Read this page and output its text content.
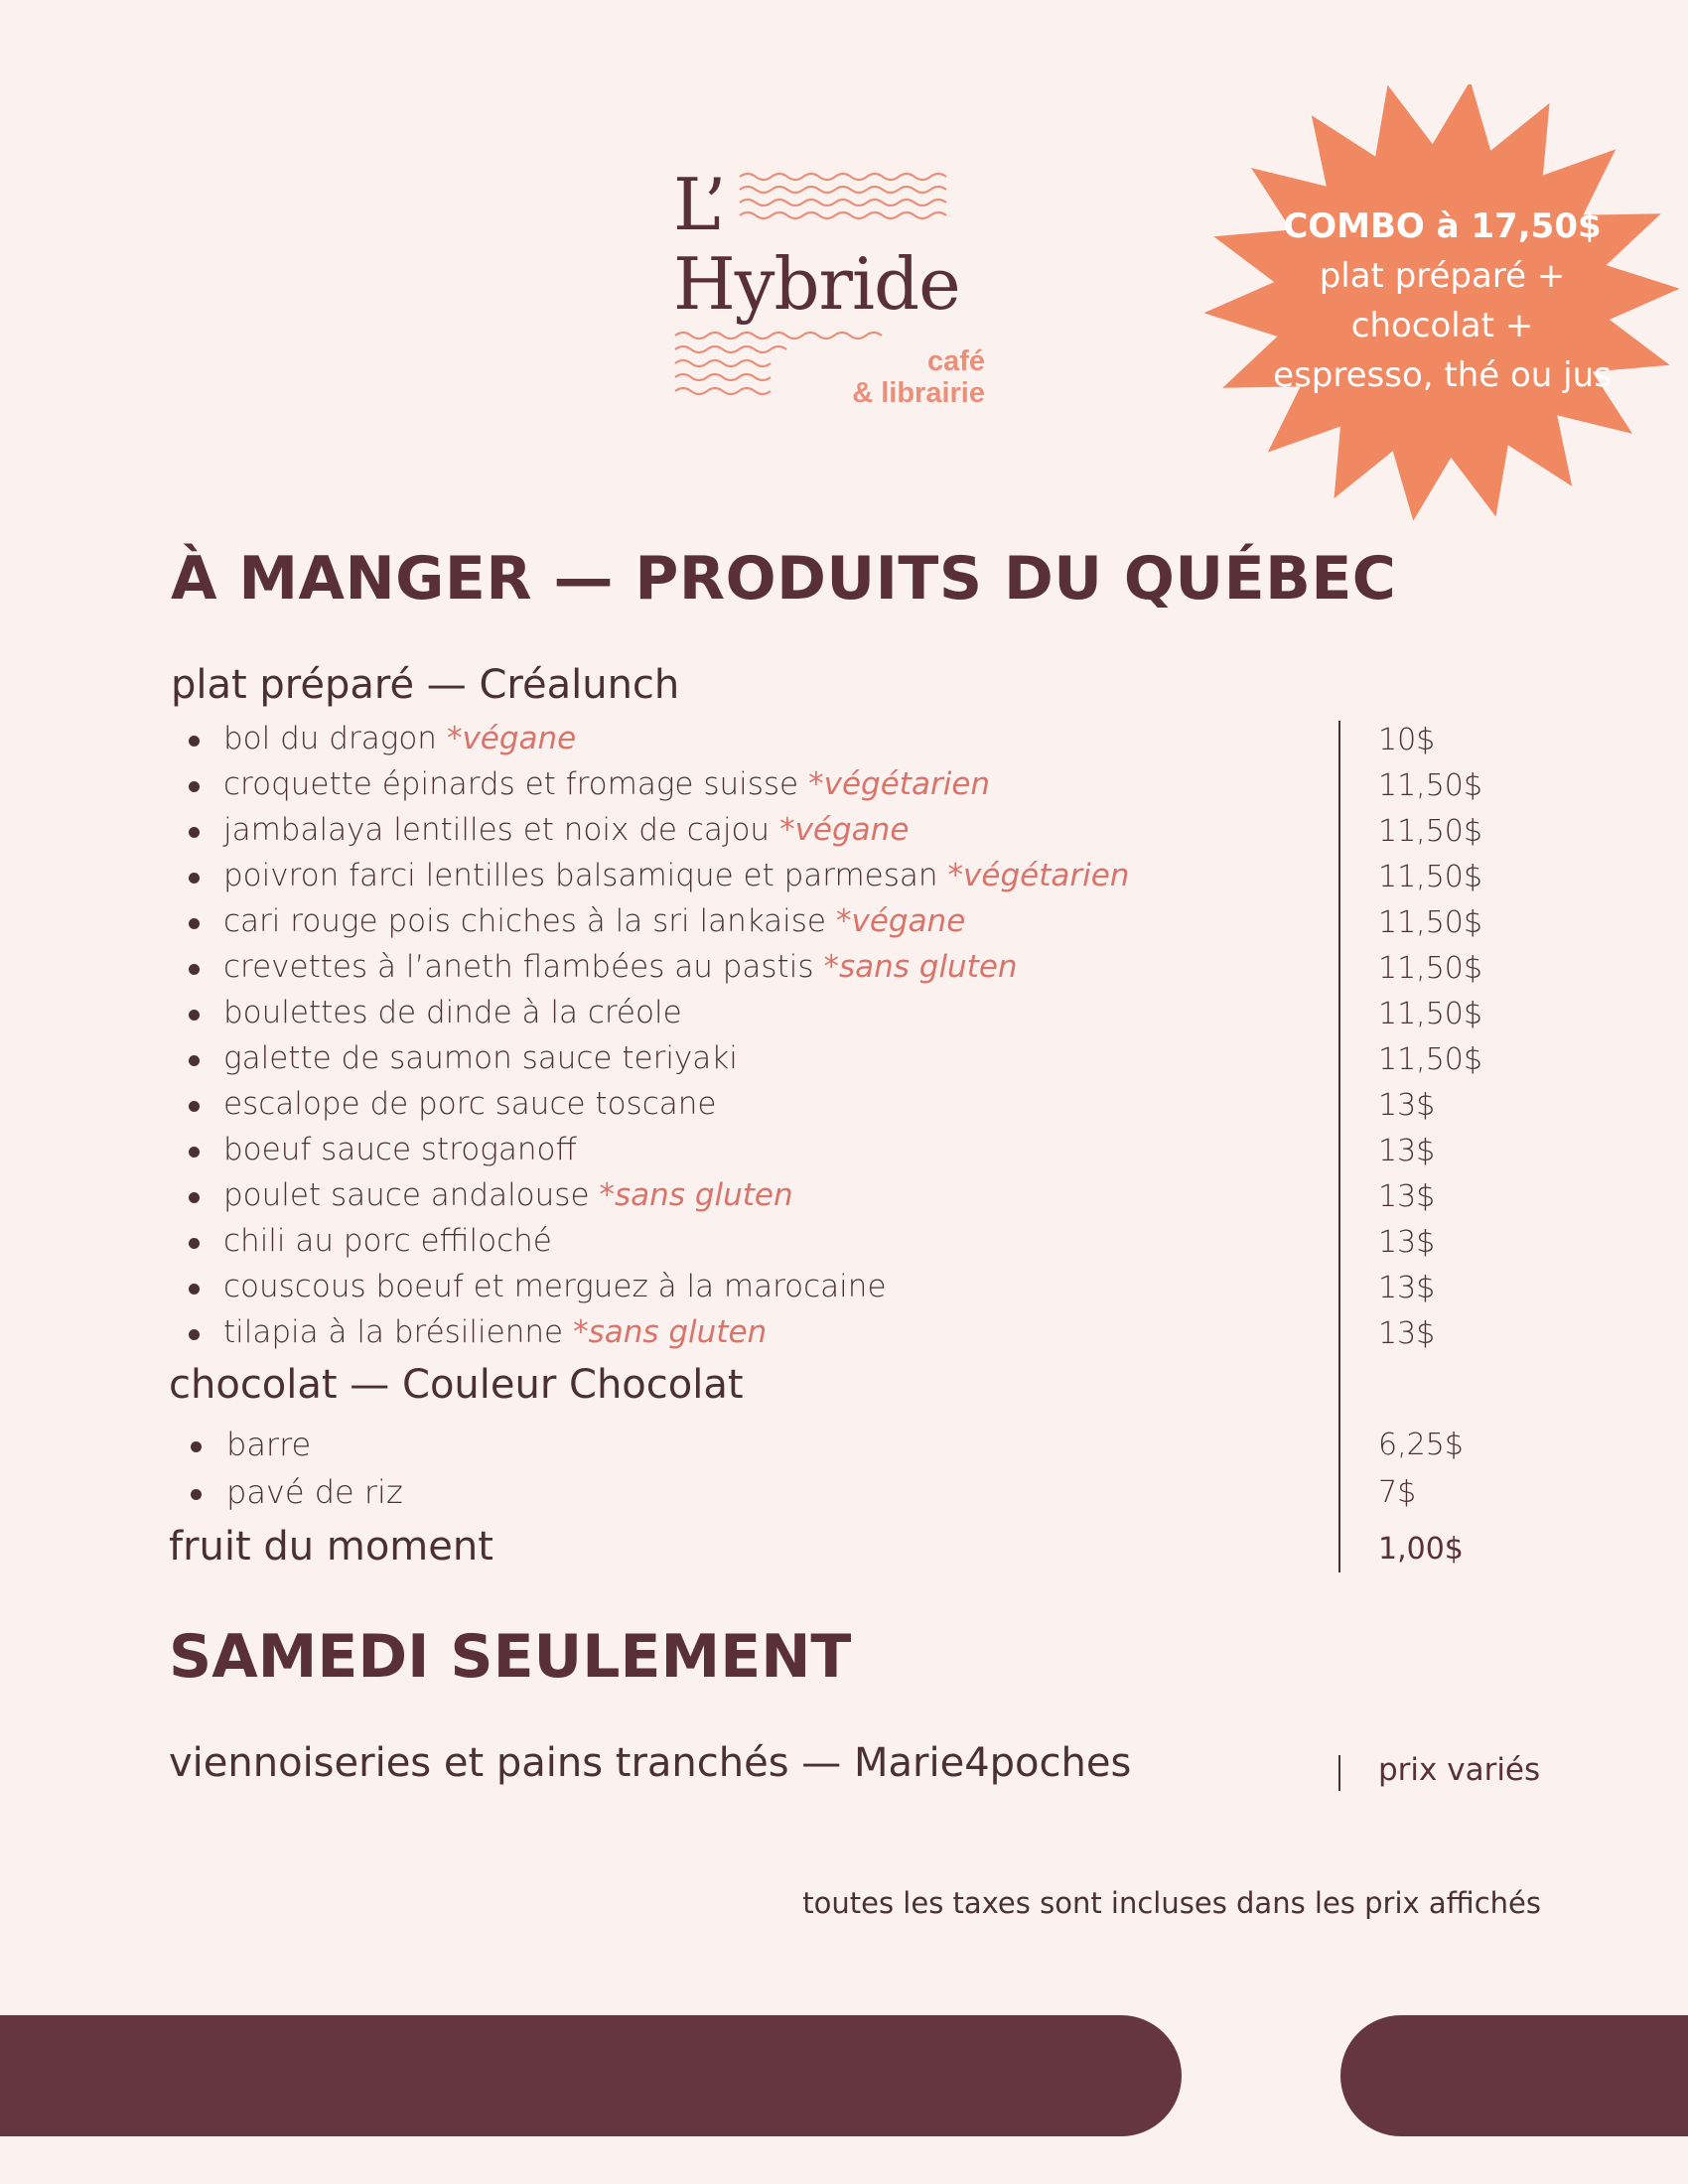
L’
Hybride
café
& librairie
COMBO à 17,50$
plat préparé +
chocolat +
espresso, thé ou jus
À MANGER — PRODUITS DU QUÉBEC
plat préparé — Créalunch
bol du dragon *végane	10$
croquette épinards et fromage suisse *végétarien	11,50$
jambalaya lentilles et noix de cajou *végane	11,50$
poivron farci lentilles balsamique et parmesan *végétarien	11,50$
cari rouge pois chiches à la sri lankaise *végane	11,50$
crevettes à l’aneth flambées au pastis *sans gluten	11,50$
boulettes de dinde à la créole	11,50$
galette de saumon sauce teriyaki	11,50$
escalope de porc sauce toscane	13$
boeuf sauce stroganoff	13$
poulet sauce andalouse *sans gluten	13$
chili au porc effiloché	13$
couscous boeuf et merguez à la marocaine	13$
tilapia à la brésilienne *sans gluten	13$
chocolat — Couleur Chocolat
barre	6,25$
pavé de riz	7$
fruit du moment	1,00$
SAMEDI SEULEMENT
viennoiseries et pains tranchés — Marie4poches	prix variés
toutes les taxes sont incluses dans les prix affichés
